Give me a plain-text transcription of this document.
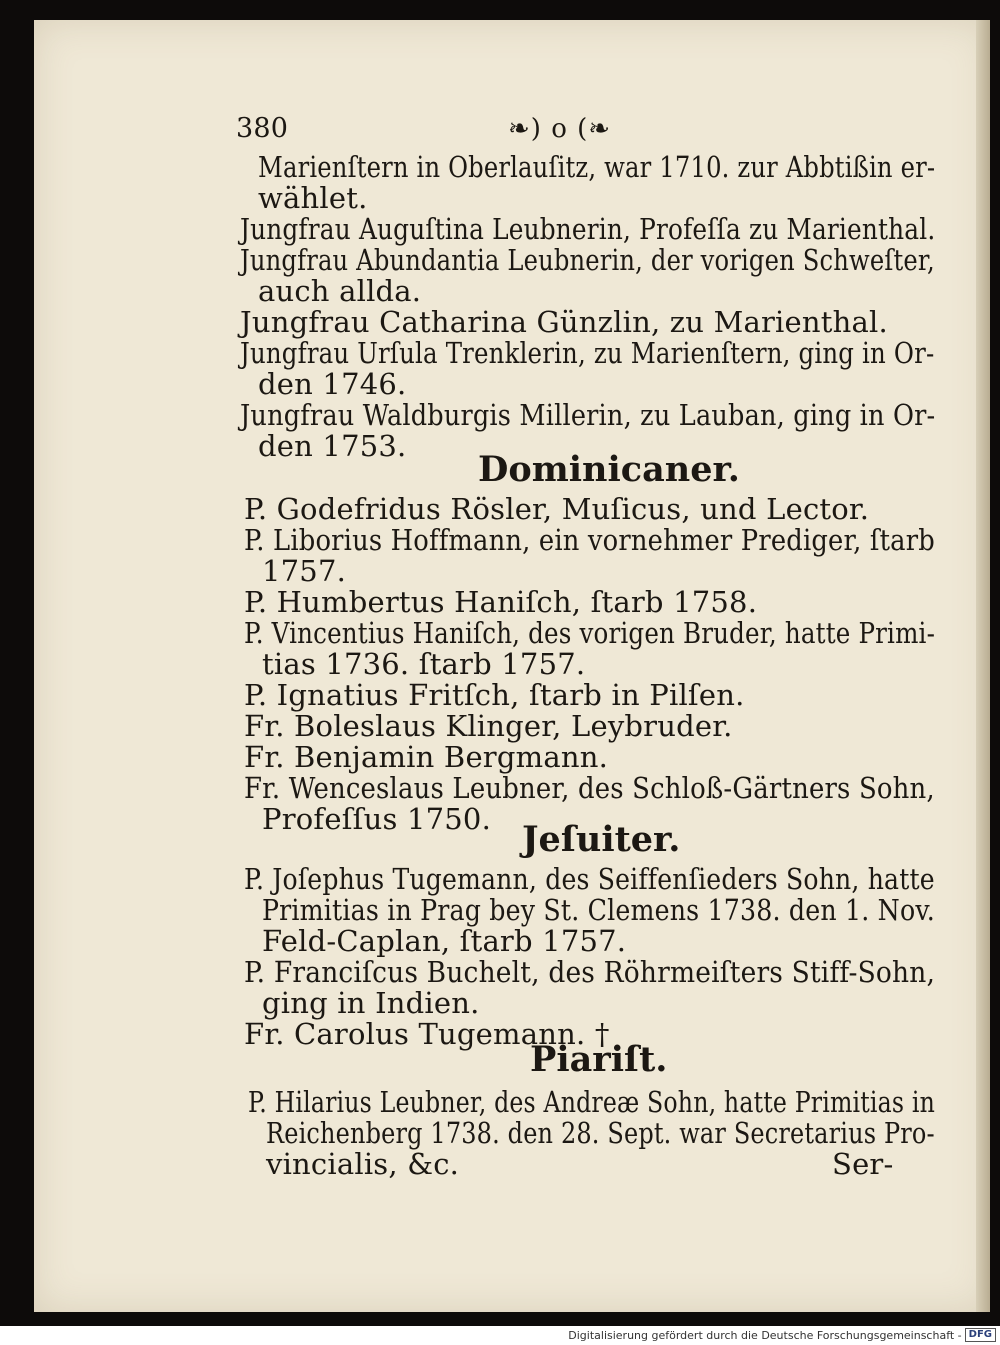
380	❧) o (❧
Marienſtern in Oberlauſitz, war 1710. zur Abbtißin er-
wählet.
Jungfrau Auguſtina Leubnerin, Profeſſa zu Marienthal.
Jungfrau Abundantia Leubnerin, der vorigen Schweſter,
auch allda.
Jungfrau Catharina Günzlin, zu Marienthal.
Jungfrau Urſula Trenklerin, zu Marienſtern, ging in Or-
den 1746.
Jungfrau Waldburgis Millerin, zu Lauban, ging in Or-
den 1753.
Dominicaner.
P. Godefridus Rösler, Muſicus, und Lector.
P. Liborius Hoffmann, ein vornehmer Prediger, ſtarb
1757.
P. Humbertus Haniſch, ſtarb 1758.
P. Vincentius Haniſch, des vorigen Bruder, hatte Primi-
tias 1736. ſtarb 1757.
P. Ignatius Fritſch, ſtarb in Pilſen.
Fr. Boleslaus Klinger, Leybruder.
Fr. Benjamin Bergmann.
Fr. Wenceslaus Leubner, des Schloß-Gärtners Sohn,
Profeſſus 1750. Jeſuiter.
P. Joſephus Tugemann, des Seiffenſieders Sohn, hatte
Primitias in Prag bey St. Clemens 1738. den 1. Nov.
Feld-Caplan, ſtarb 1757.
P. Franciſcus Buchelt, des Röhrmeiſters Stiff-Sohn,
ging in Indien.
Fr. Carolus Tugemann. †
Piariſt.
P. Hilarius Leubner, des Andreæ Sohn, hatte Primitias in
Reichenberg 1738. den 28. Sept. war Secretarius Pro-
vincialis, &c.	Ser-
Digitalisierung gefördert durch die Deutsche Forschungsgemeinschaft - DFG
